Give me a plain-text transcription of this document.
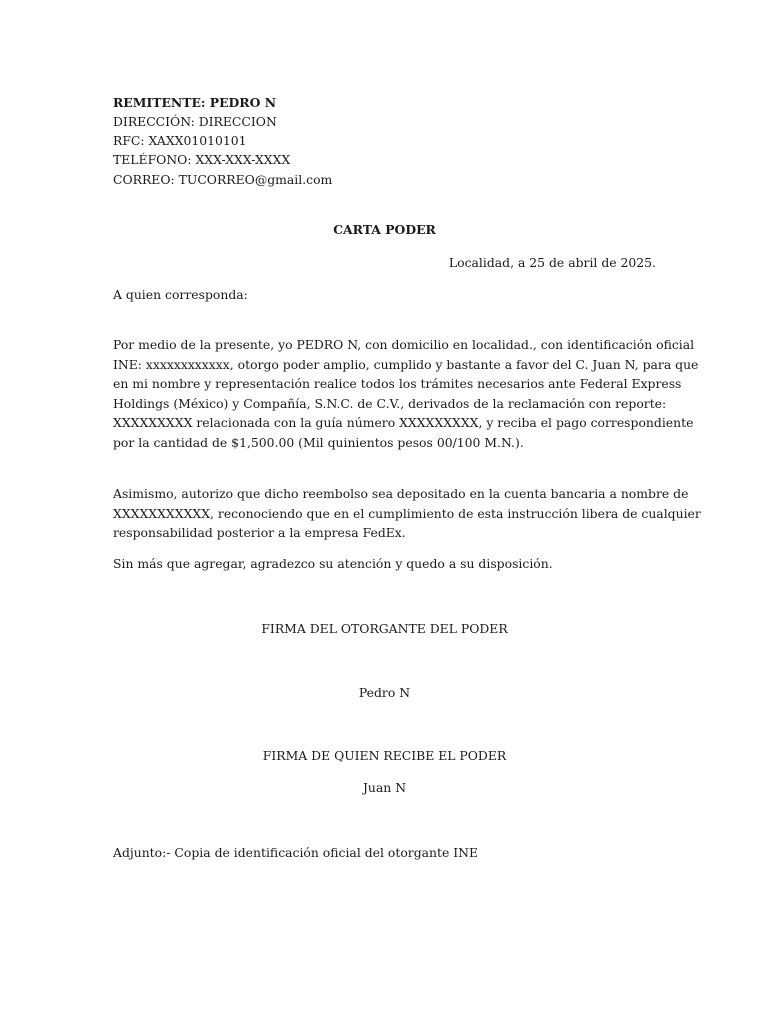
REMITENTE: PEDRO N
DIRECCIÓN: DIRECCION
RFC: XAXX01010101
TELÉFONO: XXX-XXX-XXXX
CORREO: TUCORREO@gmail.com
CARTA PODER
Localidad, a 25 de abril de 2025.
A quien corresponda:
Por medio de la presente, yo PEDRO N, con domicilio en localidad., con identificación oficial
INE: xxxxxxxxxxxx, otorgo poder amplio, cumplido y bastante a favor del C. Juan N, para que
en mi nombre y representación realice todos los trámites necesarios ante Federal Express
Holdings (México) y Compañía, S.N.C. de C.V., derivados de la reclamación con reporte:
XXXXXXXXX relacionada con la guía número XXXXXXXXX, y reciba el pago correspondiente
por la cantidad de $1,500.00 (Mil quinientos pesos 00/100 M.N.).
Asimismo, autorizo que dicho reembolso sea depositado en la cuenta bancaria a nombre de
XXXXXXXXXXX, reconociendo que en el cumplimiento de esta instrucción libera de cualquier
responsabilidad posterior a la empresa FedEx.
Sin más que agregar, agradezco su atención y quedo a su disposición.
FIRMA DEL OTORGANTE DEL PODER
Pedro N
FIRMA DE QUIEN RECIBE EL PODER
Juan N
Adjunto:- Copia de identificación oficial del otorgante INE
